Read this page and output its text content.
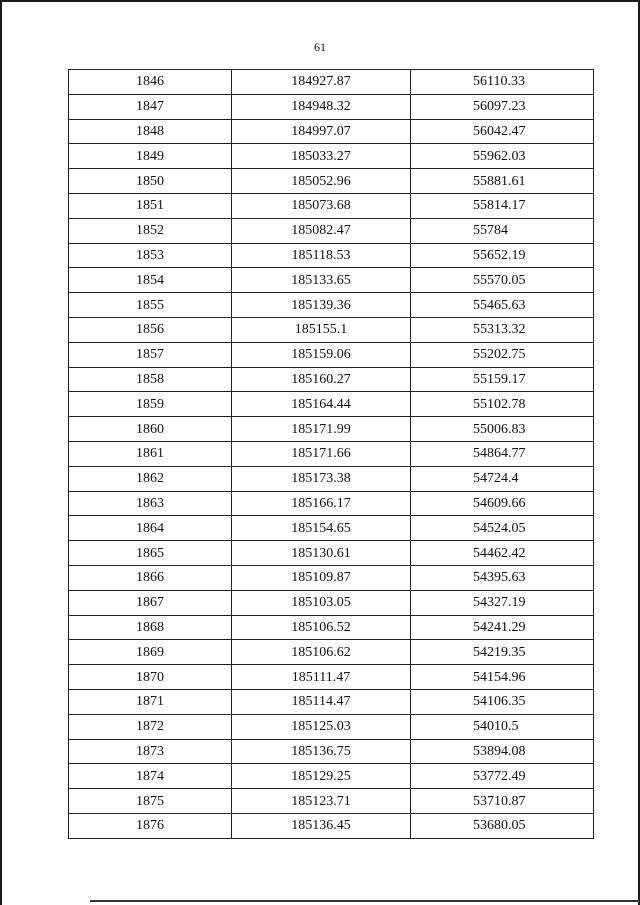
61
1846	184927.87	56110.33
1847	184948.32	56097.23
1848	184997.07	56042.47
1849	185033.27	55962.03
1850	185052.96	55881.61
1851	185073.68	55814.17
1852	185082.47	55784
1853	185118.53	55652.19
1854	185133.65	55570.05
1855	185139.36	55465.63
1856	185155.1	55313.32
1857	185159.06	55202.75
1858	185160.27	55159.17
1859	185164.44	55102.78
1860	185171.99	55006.83
1861	185171.66	54864.77
1862	185173.38	54724.4
1863	185166.17	54609.66
1864	185154.65	54524.05
1865	185130.61	54462.42
1866	185109.87	54395.63
1867	185103.05	54327.19
1868	185106.52	54241.29
1869	185106.62	54219.35
1870	185111.47	54154.96
1871	185114.47	54106.35
1872	185125.03	54010.5
1873	185136.75	53894.08
1874	185129.25	53772.49
1875	185123.71	53710.87
1876	185136.45	53680.05
